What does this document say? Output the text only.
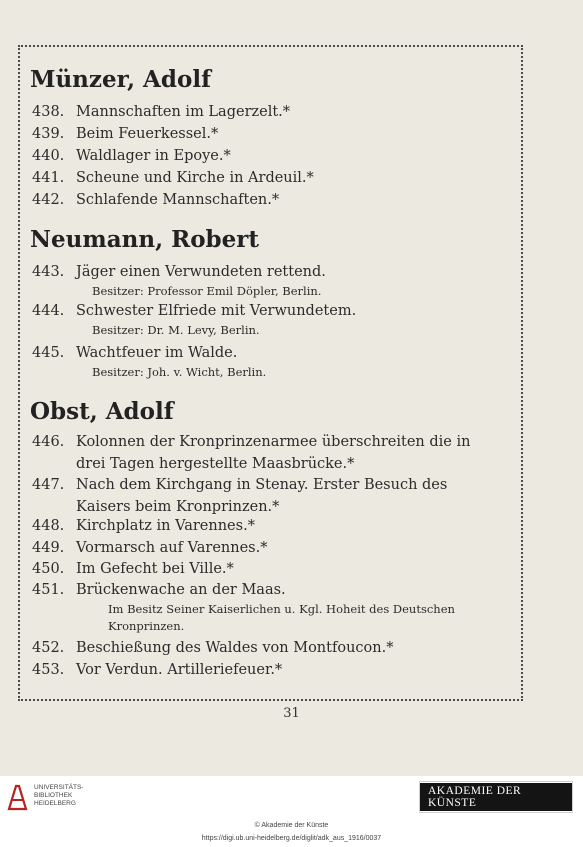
Münzer, Adolf
438. Mannschaften im Lagerzelt.*
439. Beim Feuerkessel.*
440. Waldlager in Epoye.*
441. Scheune und Kirche in Ardeuil.*
442. Schlafende Mannschaften.*
Neumann, Robert
443. Jäger einen Verwundeten rettend.
Besitzer: Professor Emil Döpler, Berlin.
444. Schwester Elfriede mit Verwundetem.
Besitzer: Dr. M. Levy, Berlin.
445. Wachtfeuer im Walde.
Besitzer: Joh. v. Wicht, Berlin.
Obst, Adolf
446. Kolonnen der Kronprinzenarmee überschreiten die in
drei Tagen hergestellte Maasbrücke.*
447. Nach dem Kirchgang in Stenay. Erster Besuch des
Kaisers beim Kronprinzen.*
448. Kirchplatz in Varennes.*
449. Vormarsch auf Varennes.*
450. Im Gefecht bei Ville.*
451. Brückenwache an der Maas.
Im Besitz Seiner Kaiserlichen u. Kgl. Hoheit des Deutschen
Kronprinzen.
452. Beschießung des Waldes von Montfoucon.*
453. Vor Verdun. Artilleriefeuer.*
31
UNIVERSITÄTS-
BIBLIOTHEK
HEIDELBERG
AKADEMIE DER KÜNSTE
© Akademie der Künste
https://digi.ub.uni-heidelberg.de/diglit/adk_aus_1916/0037
